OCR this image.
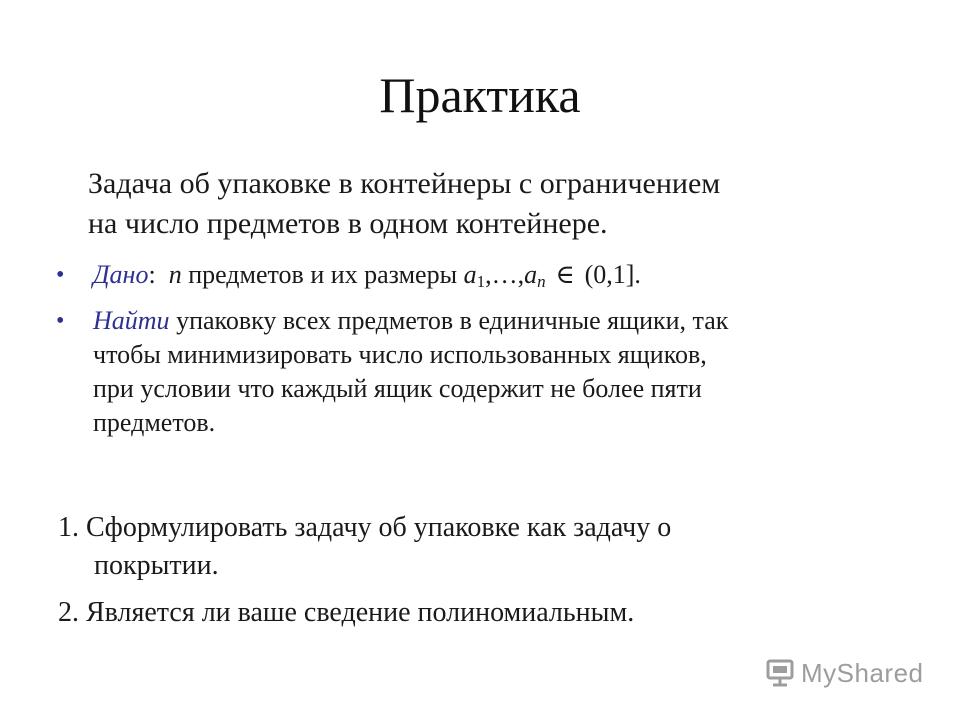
Практика
Задача об упаковке в контейнеры с ограничением
на число предметов в одном контейнере.
• Дано: n предметов и их размеры $a_1,\dots,an$ ∈ (0,1].
• Найти упаковку всех предметов в единичные ящики, так
чтобы минимизировать число использованных ящиков,
при условии что каждый ящик содержит не более пяти
предметов.
1. Сформулировать задачу об упаковке как задачу о
покрытии.
2. Является ли ваше сведение полиномиальным.
MyShared
